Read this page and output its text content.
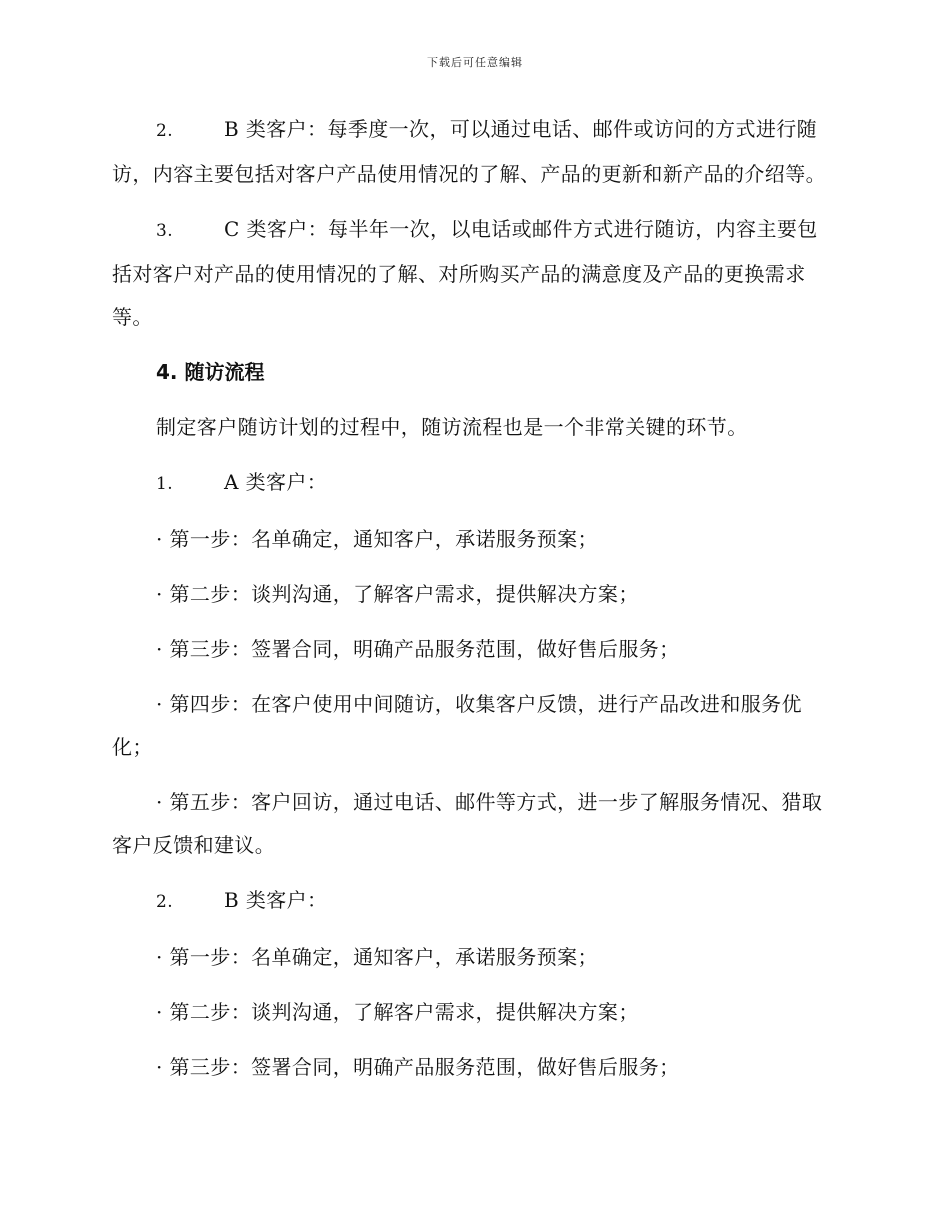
下载后可任意编辑

2.	B 类客户：每季度一次，可以通过电话、邮件或访问的方式进行随访，内容主要包括对客户产品使用情况的了解、产品的更新和新产品的介绍等。

3.	C 类客户：每半年一次，以电话或邮件方式进行随访，内容主要包括对客户对产品的使用情况的了解、对所购买产品的满意度及产品的更换需求等。

4. 随访流程

制定客户随访计划的过程中，随访流程也是一个非常关键的环节。

1.	A 类客户：

· 第一步：名单确定，通知客户，承诺服务预案；

· 第二步：谈判沟通，了解客户需求，提供解决方案；

· 第三步：签署合同，明确产品服务范围，做好售后服务；

· 第四步：在客户使用中间随访，收集客户反馈，进行产品改进和服务优化；

· 第五步：客户回访，通过电话、邮件等方式，进一步了解服务情况、猎取客户反馈和建议。

2.	B 类客户：

· 第一步：名单确定，通知客户，承诺服务预案；

· 第二步：谈判沟通，了解客户需求，提供解决方案；

· 第三步：签署合同，明确产品服务范围，做好售后服务；
